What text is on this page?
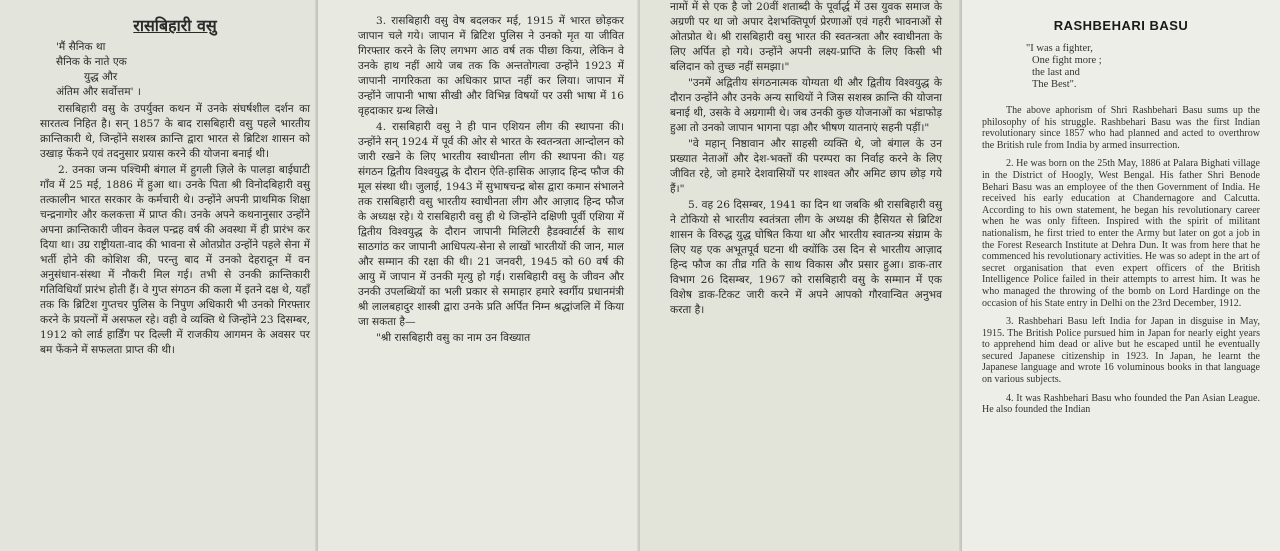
रासबिहारी वसु
'मैं सैनिक था
सैनिक के नाते एक
युद्ध और
अंतिम और सर्वोत्तम' ।

रासबिहारी वसु के उपर्युक्त कथन में उनके संघर्षशील दर्शन का सारतत्व निहित है। सन् 1857 के बाद रासबिहारी वसु पहले भारतीय क्रान्तिकारी थे, जिन्होंने सशस्त्र क्रान्ति द्वारा भारत से ब्रिटिश शासन को उखाड़ फेंकने एवं तदनुसार प्रयास करने की योजना बनाई थी।

2. उनका जन्म पश्चिमी बंगाल में हुगली ज़िले के पालड़ा बाईघाटी गाँव में 25 मई, 1886 में हुआ था। उनके पिता श्री विनोदबिहारी वसु तत्कालीन भारत सरकार के कर्मचारी थे। उन्होंने अपनी प्राथमिक शिक्षा चन्द्रनागोर और कलकत्ता में प्राप्त की। उनके अपने कथनानुसार उन्होंने अपना क्रान्तिकारी जीवन केवल पन्द्रह वर्ष की अवस्था में ही प्रारंभ कर दिया था। उग्र राष्ट्रीयता-वाद की भावना से ओतप्रोत उन्होंने पहले सेना में भर्ती होने की कोशिश की, परन्तु बाद में उनको देहरादून में वन अनुसंधान-संस्था में नौकरी मिल गई। तभी से उनकी क्रान्तिकारी गतिविधियाँ प्रारंभ होती हैं। वे गुप्त संगठन की कला में इतने दक्ष थे, यहाँ तक कि ब्रिटिश गुप्तचर पुलिस के निपुण अधिकारी भी उनको गिरफ्तार करने के प्रयत्नों में असफल रहे। वही वे व्यक्ति थे जिन्होंने 23 दिसम्बर, 1912 को लार्ड हार्डिंग पर दिल्ली में राजकीय आगमन के अवसर पर बम फेंकने में सफलता प्राप्त की थी।

3. रासबिहारी वसु वेष बदलकर मई, 1915 में भारत छोड़कर जापान चले गये। जापान में ब्रिटिश पुलिस ने उनको मृत या जीवित गिरफ्तार करने के लिए लगभग आठ वर्ष तक पीछा किया, लेकिन वे उनके हाथ नहीं आये जब तक कि अन्ततोगत्वा उन्होंने 1923 में जापानी नागरिकता का अधिकार प्राप्त नहीं कर लिया। जापान में उन्होंने जापानी भाषा सीखी और विभिन्न विषयों पर उसी भाषा में 16 वृहदाकार ग्रन्थ लिखे।

4. रासबिहारी वसु ने ही पान एशियन लीग की स्थापना की। उन्होंने सन् 1924 में पूर्व की ओर से भारत के स्वतन्त्रता आन्दोलन को जारी रखने के लिए भारतीय स्वाधीनता लीग की स्थापना की। यह संगठन द्वितीय विश्वयुद्ध के दौरान ऐति-हासिक आज़ाद हिन्द फौज की मूल संस्था थी। जुलाई, 1943 में सुभाषचन्द्र बोस द्वारा कमान संभालने तक रासबिहारी वसु भारतीय स्वाधीनता लीग और आज़ाद हिन्द फौज के अध्यक्ष रहे। ये रासबिहारी वसु ही थे जिन्होंने दक्षिणी पूर्वी एशिया में द्वितीय विश्वयुद्ध के दौरान जापानी मिलिटरी हैडक्वार्टर्स के साथ साठगांठ कर जापानी आधिपत्य-सेना से लाखों भारतीयों की जान, माल और सम्मान की रक्षा की थी। 21 जनवरी, 1945 को 60 वर्ष की आयु में जापान में उनकी मृत्यु हो गई। रासबिहारी वसु के जीवन और उनकी उपलब्धियों का भली प्रकार से समाहार हमारे स्वर्गीय प्रधानमंत्री श्री लालबहादुर शास्त्री द्वारा उनके प्रति अर्पित निम्न श्रद्धांजलि में किया जा सकता है—

"श्री रासबिहारी वसु का नाम उन विख्यात

नामों में से एक है जो 20वीं शताब्दी के पूर्वार्द्ध में उस युवक समाज के अग्रणी पर था जो अपार देशभक्तिपूर्ण प्रेरणाओं एवं गहरी भावनाओं से ओतप्रोत थे। श्री रासबिहारी वसु भारत की स्वतन्त्रता और स्वाधीनता के लिए अर्पित हो गये। उन्होंने अपनी लक्ष्य-प्राप्ति के लिए किसी भी बलिदान को तुच्छ नहीं समझा।"

"उनमें अद्वितीय संगठनात्मक योग्यता थी और द्वितीय विश्वयुद्ध के दौरान उन्होंने और उनके अन्य साथियों ने जिस सशस्त्र क्रान्ति की योजना बनाई थी, उसके वे अग्रगामी थे। जब उनकी कुछ योजनाओं का भंडाफोड़ हुआ तो उनको जापान भागना पड़ा और भीषण यातनाएं सहनी पड़ीं।"

"वे महान् निष्ठावान और साहसी व्यक्ति थे, जो बंगाल के उन प्रख्यात नेताओं और देश-भक्तों की परम्परा का निर्वाह करने के लिए जीवित रहे, जो हमारे देशवासियों पर शाश्वत और अमिट छाप छोड़ गये हैं।"

5. वह 26 दिसम्बर, 1941 का दिन था जबकि श्री रासबिहारी वसु ने टोकियो से भारतीय स्वतंत्रता लीग के अध्यक्ष की हैसियत से ब्रिटिश शासन के विरुद्ध युद्ध घोषित किया था और भारतीय स्वातन्त्र्य संग्राम के लिए यह एक अभूतपूर्व घटना थी क्योंकि उस दिन से भारतीय आज़ाद हिन्द फौज का तीव्र गति के साथ विकास और प्रसार हुआ। डाक-तार विभाग 26 दिसम्बर, 1967 को रासबिहारी वसु के सम्मान में एक विशेष डाक-टिकट जारी करने में अपने आपको गौरवान्वित अनुभव करता है।

RASHBEHARI BASU
"I was a fighter,
One fight more ;
the last and
The Best".

The above aphorism of Shri Rashbehari Basu sums up the philosophy of his struggle. Rashbehari Basu was the first Indian revolutionary since 1857 who had planned and acted to overthrow the British rule from India by armed insurrection.

2. He was born on the 25th May, 1886 at Palara Bighati village in the District of Hoogly, West Bengal. His father Shri Benode Behari Basu was an employee of the then Government of India. He received his early education at Chandernagore and Calcutta. According to his own statement, he began his revolutionary career when he was only fifteen. Inspired with the spirit of militant nationalism, he first tried to enter the Army but later on got a job in the Forest Research Institute at Dehra Dun. It was from here that he commenced his revolutionary activities. He was so adept in the art of secret organisation that even expert officers of the British Intelligence Police failed in their attempts to arrest him. It was he who managed the throwing of the bomb on Lord Hardinge on the occasion of his State entry in Delhi on the 23rd December, 1912.

3. Rashbehari Basu left India for Japan in disguise in May, 1915. The British Police pursued him in Japan for nearly eight years to apprehend him dead or alive but he escaped until he eventually secured Japanese citizenship in 1923. In Japan, he learnt the Japanese language and wrote 16 voluminous books in that language on various subjects.

4. It was Rashbehari Basu who founded the Pan Asian League. He also founded the Indian
